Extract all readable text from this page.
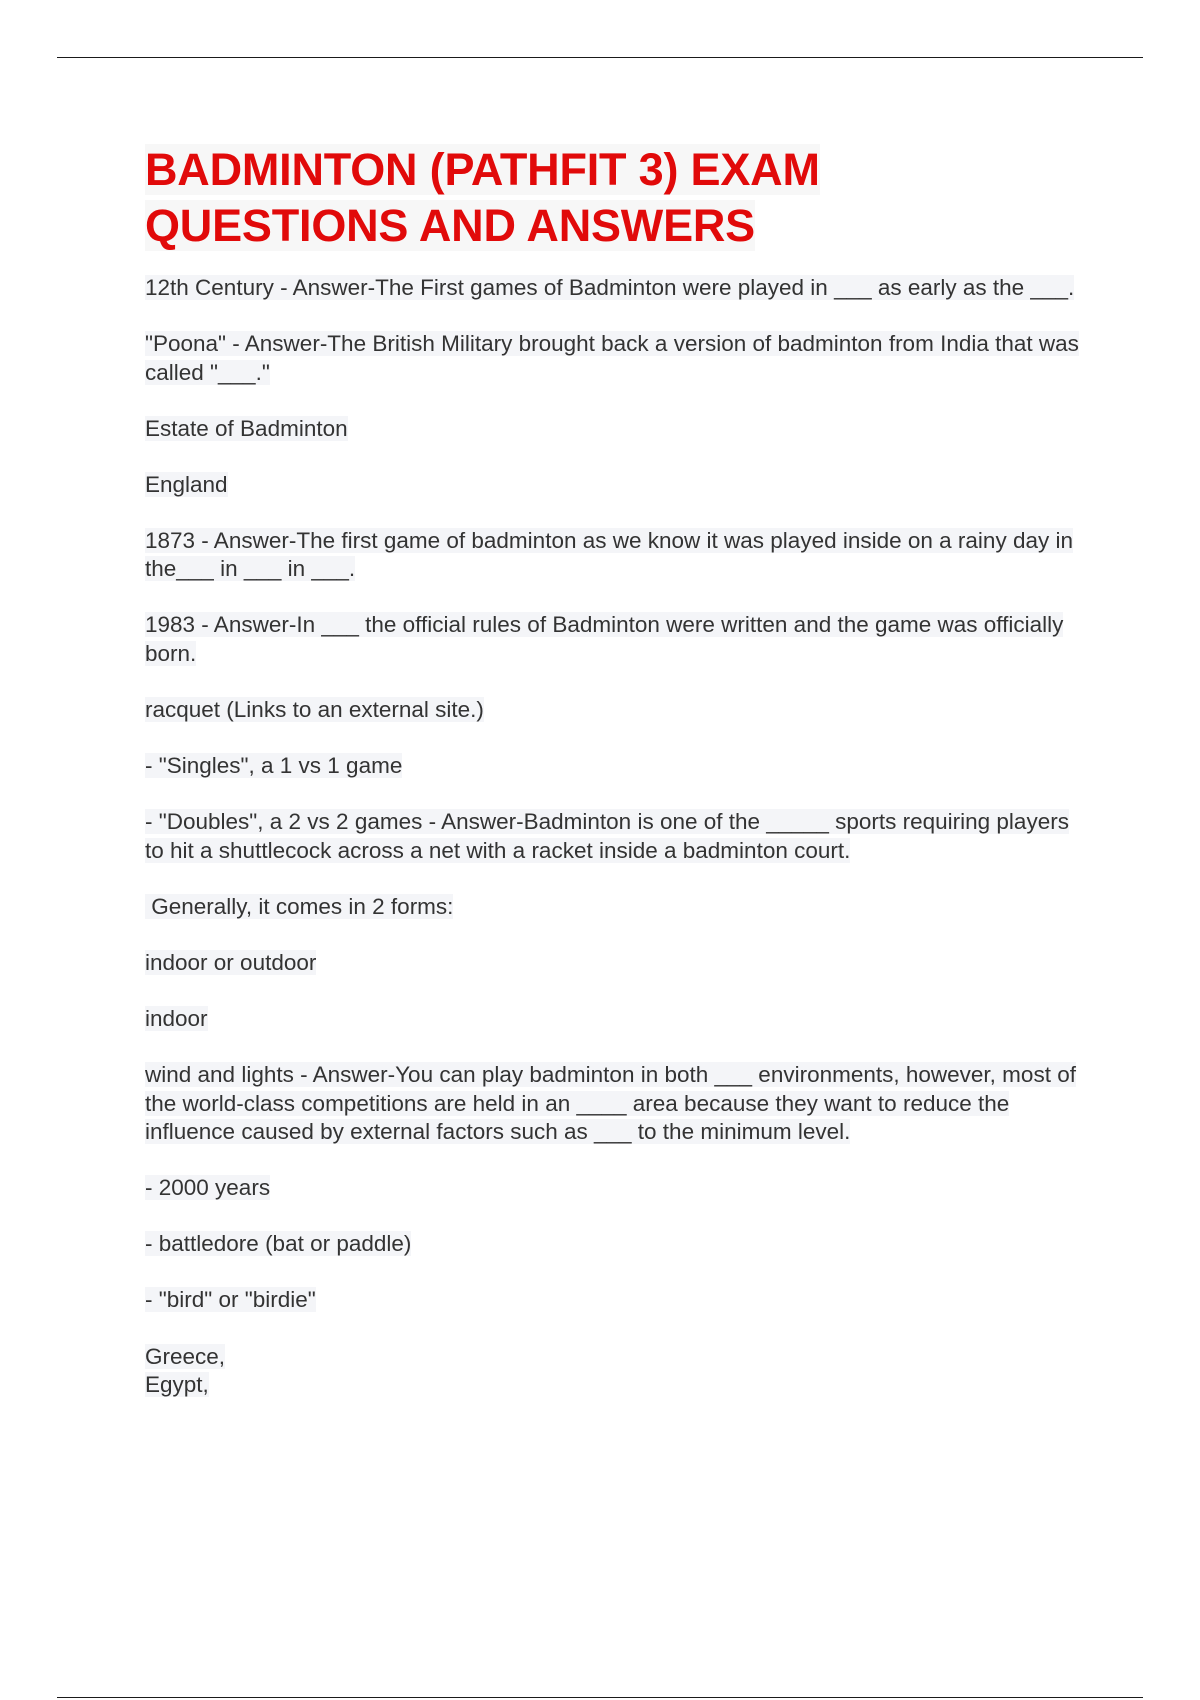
BADMINTON (PATHFIT 3) EXAM
QUESTIONS AND ANSWERS

12th Century - Answer-The First games of Badminton were played in ___ as early as the ___.

"Poona" - Answer-The British Military brought back a version of badminton from India that was called "___."

Estate of Badminton

England

1873 - Answer-The first game of badminton as we know it was played inside on a rainy day in the___ in ___ in ___.

1983 - Answer-In ___ the official rules of Badminton were written and the game was officially born.

racquet (Links to an external site.)

- "Singles", a 1 vs 1 game

- "Doubles", a 2 vs 2 games - Answer-Badminton is one of the _____ sports requiring players to hit a shuttlecock across a net with a racket inside a badminton court.

Generally, it comes in 2 forms:

indoor or outdoor

indoor

wind and lights - Answer-You can play badminton in both ___ environments, however, most of the world-class competitions are held in an ____ area because they want to reduce the influence caused by external factors such as ___ to the minimum level.

- 2000 years

- battledore (bat or paddle)

- "bird" or "birdie"

Greece,
Egypt,
